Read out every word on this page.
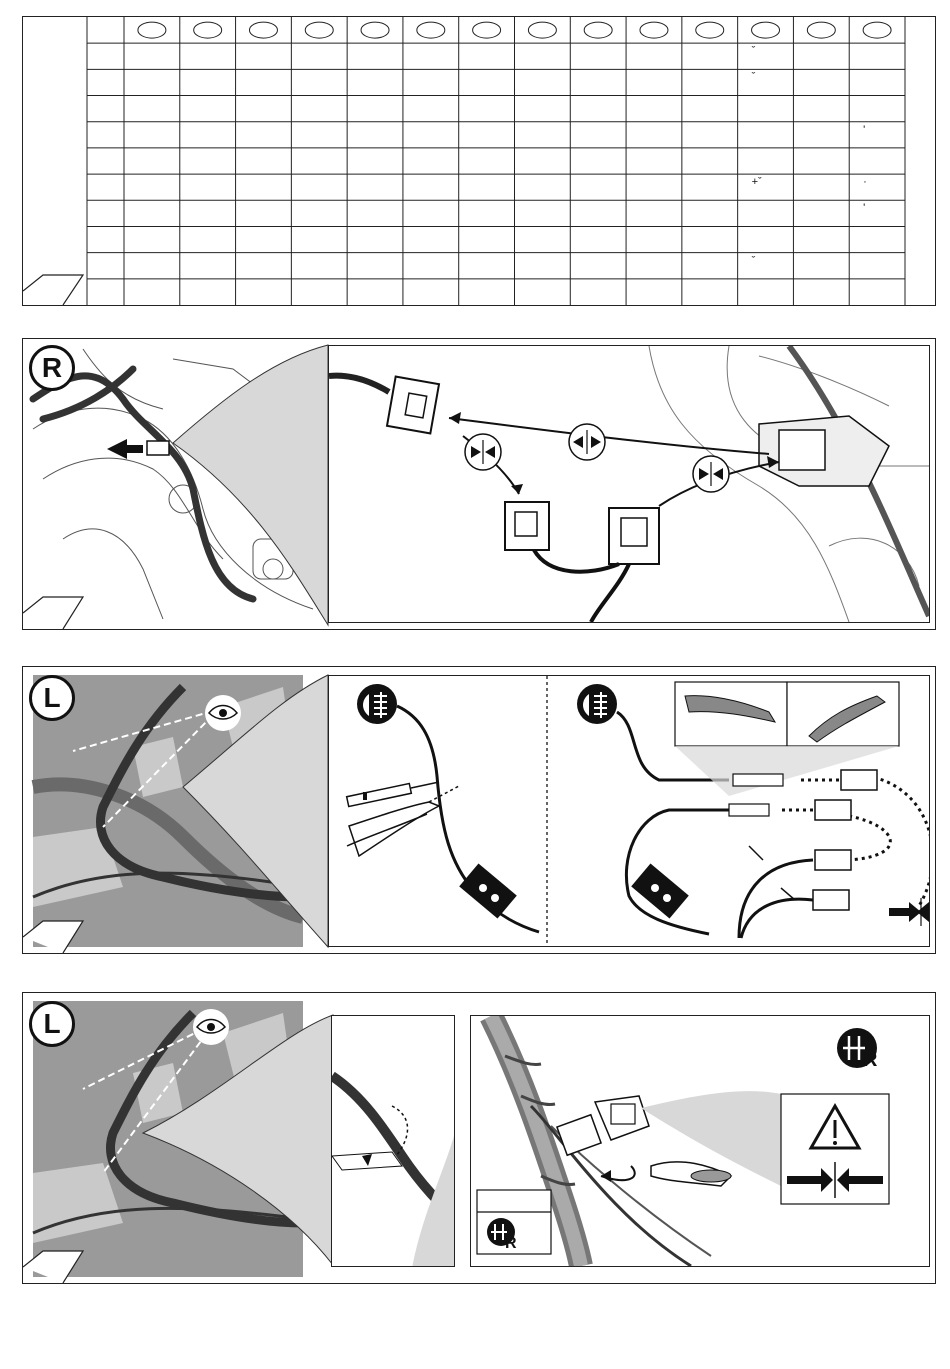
ˇ
ˇ
'
+ˇ	·
'
ˇ
R
L
R
R
L
